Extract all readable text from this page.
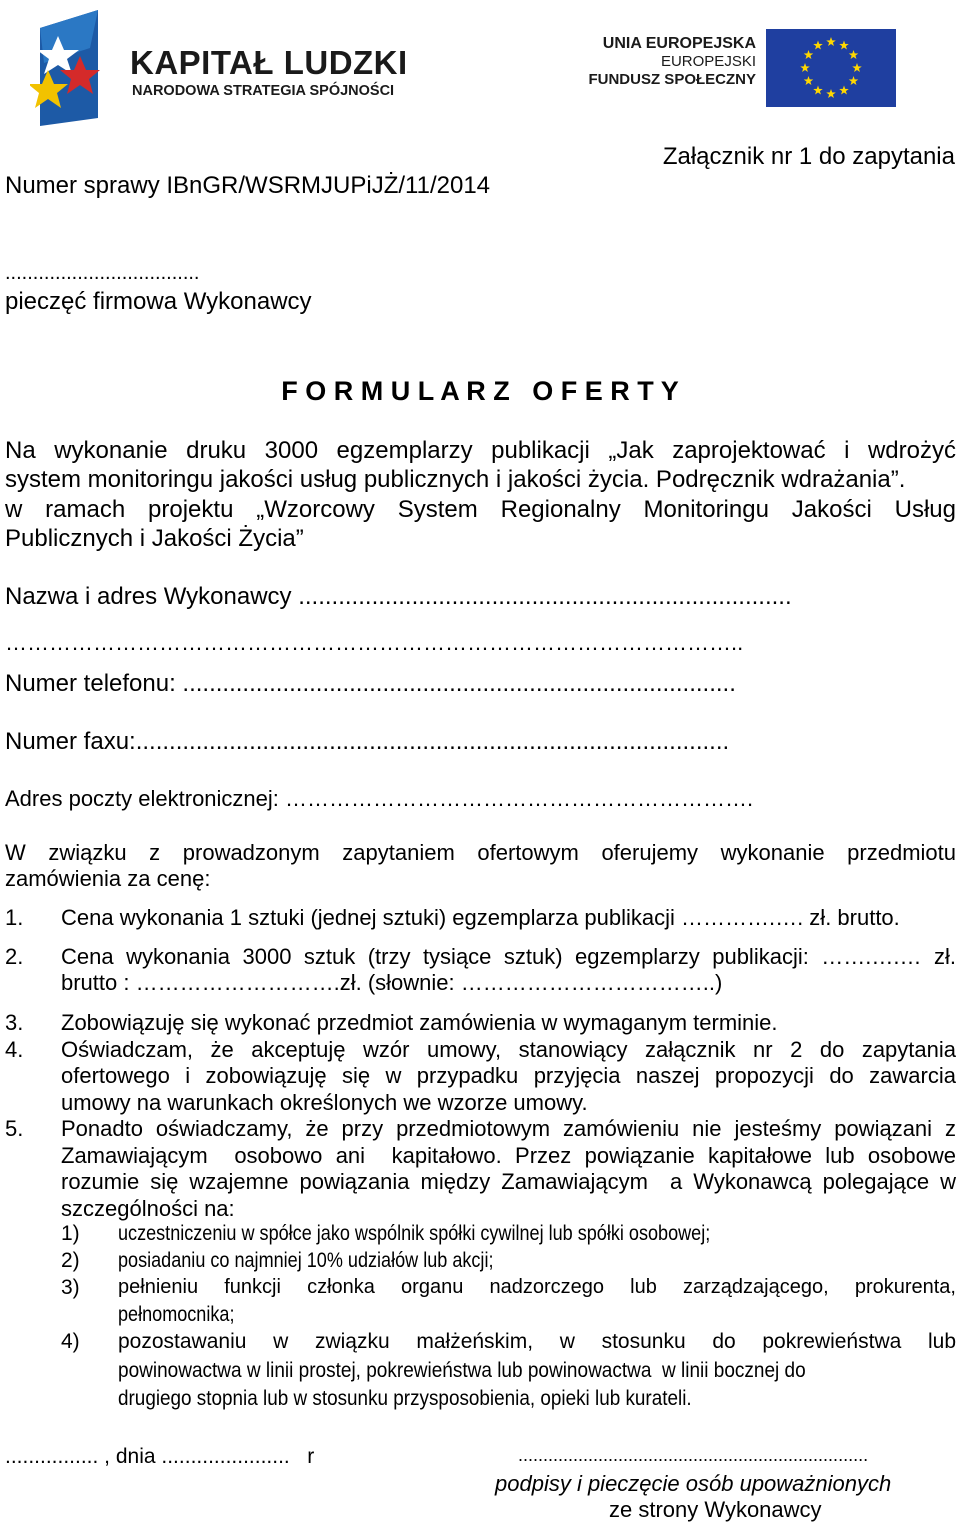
KAPITAŁ LUDZKI
NARODOWA STRATEGIA SPÓJNOŚCI
UNIA EUROPEJSKA
EUROPEJSKI
FUNDUSZ SPOŁECZNY
Załącznik nr 1 do zapytania
Numer sprawy IBnGR/WSRMJUPiJŻ/11/2014
...................................
pieczęć firmowa Wykonawcy
F O R M U L A R Z   O F E R T Y
Na wykonanie druku 3000 egzemplarzy publikacji „Jak zaprojektować i wdrożyć
system monitoringu jakości usług publicznych i jakości życia. Podręcznik wdrażania”.
w ramach projektu „Wzorcowy System Regionalny Monitoringu Jakości Usług
Publicznych i Jakości Życia”
Nazwa i adres Wykonawcy ..........................................................................
………………………………………………………………………………………..
Numer telefonu: ...................................................................................
Numer faxu:.........................................................................................
Adres poczty elektronicznej: ……………………………………………………….
W związku z prowadzonym zapytaniem ofertowym oferujemy wykonanie przedmiotu
zamówienia za cenę:
1. Cena wykonania 1 sztuki (jednej sztuki) egzemplarza publikacji ………….…. zł. brutto.
2. Cena wykonania 3000 sztuk (trzy tysiące sztuk) egzemplarzy publikacji: …….….… zł.
brutto : ……………………….zł. (słownie: ……………………………..)
3. Zobowiązuję się wykonać przedmiot zamówienia w wymaganym terminie.
4. Oświadczam, że akceptuję wzór umowy, stanowiący załącznik nr 2 do zapytania
ofertowego i zobowiązuję się w przypadku przyjęcia naszej propozycji do zawarcia
umowy na warunkach określonych we wzorze umowy.
5. Ponadto oświadczamy, że przy przedmiotowym zamówieniu nie jesteśmy powiązani z
Zamawiającym  osobowo ani  kapitałowo. Przez powiązanie kapitałowe lub osobowe
rozumie się wzajemne powiązania między Zamawiającym  a Wykonawcą polegające w
szczególności na:
1) uczestniczeniu w spółce jako wspólnik spółki cywilnej lub spółki osobowej;
2) posiadaniu co najmniej 10% udziałów lub akcji;
3) pełnieniu funkcji członka organu nadzorczego lub zarządzającego, prokurenta,
pełnomocnika;
4) pozostawaniu w związku małżeńskim, w stosunku do pokrewieństwa lub
powinowactwa w linii prostej, pokrewieństwa lub powinowactwa  w linii bocznej do
drugiego stopnia lub w stosunku przysposobienia, opieki lub kurateli.
................ , dnia ......................   r	......................................................................
podpisy i pieczęcie osób upoważnionych
ze strony Wykonawcy
